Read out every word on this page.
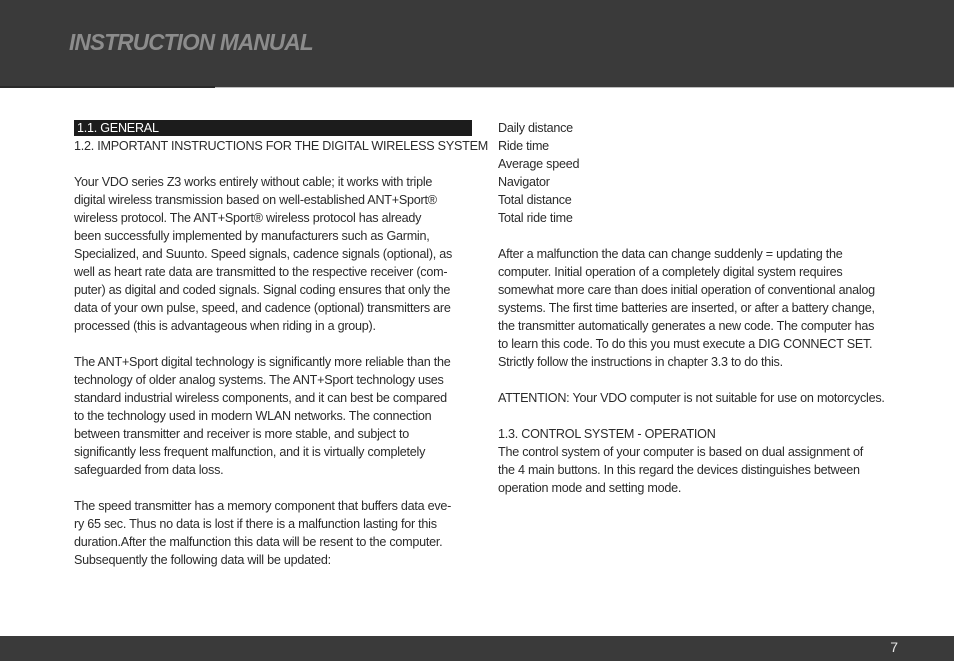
INSTRUCTION MANUAL
1.1. GENERAL
1.2. IMPORTANT INSTRUCTIONS FOR THE DIGITAL WIRELESS SYSTEM
Your VDO series Z3 works entirely without cable; it works with triple
digital wireless transmission based on well-established ANT+Sport®
wireless protocol. The ANT+Sport® wireless protocol has already
been successfully implemented by manufacturers such as Garmin,
Specialized, and Suunto. Speed signals, cadence signals (optional), as
well as heart rate data are transmitted to the respective receiver (com-
puter) as digital and coded signals. Signal coding ensures that only the
data of your own pulse, speed, and cadence (optional) transmitters are
processed (this is advantageous when riding in a group).
The ANT+Sport digital technology is significantly more reliable than the
technology of older analog systems. The ANT+Sport technology uses
standard industrial wireless components, and it can best be compared
to the technology used in modern WLAN networks. The connection
between transmitter and receiver is more stable, and subject to
significantly less frequent malfunction, and it is virtually completely
safeguarded from data loss.
The speed transmitter has a memory component that buffers data eve-
ry 65 sec. Thus no data is lost if there is a malfunction lasting for this
duration.After the malfunction this data will be resent to the computer.
Subsequently the following data will be updated:
Daily distance
Ride time
Average speed
Navigator
Total distance
Total ride time
After a malfunction the data can change suddenly = updating the
computer. Initial operation of a completely digital system requires
somewhat more care than does initial operation of conventional analog
systems. The first time batteries are inserted, or after a battery change,
the transmitter automatically generates a new code. The computer has
to learn this code. To do this you must execute a DIG CONNECT SET.
Strictly follow the instructions in chapter 3.3 to do this.
ATTENTION: Your VDO computer is not suitable for use on motorcycles.
1.3. CONTROL SYSTEM - OPERATION
The control system of your computer is based on dual assignment of
the 4 main buttons. In this regard the devices distinguishes between
operation mode and setting mode.
7
